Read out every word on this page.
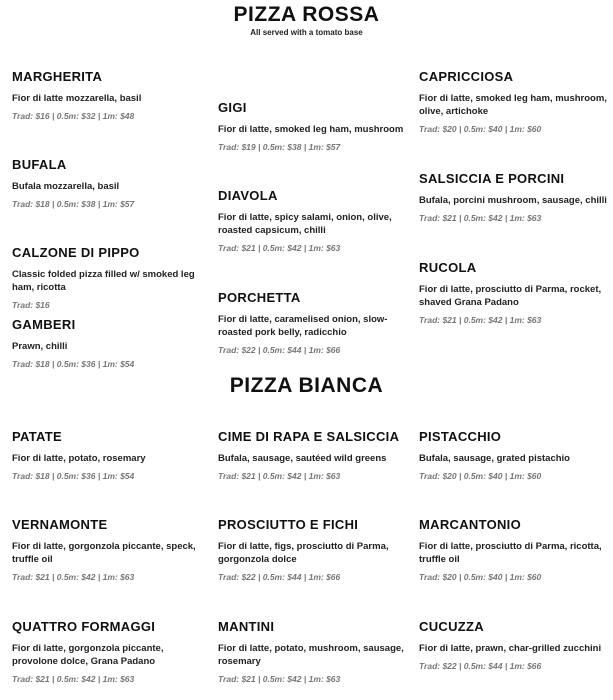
PIZZA ROSSA
All served with a tomato base
MARGHERITA
Fior di latte mozzarella, basil
Trad: $16 | 0.5m: $32 | 1m: $48
BUFALA
Bufala mozzarella, basil
Trad: $18 | 0.5m: $38 | 1m: $57
CALZONE DI PIPPO
Classic folded pizza filled w/ smoked leg ham, ricotta
Trad: $16
GAMBERI
Prawn, chilli
Trad: $18 | 0.5m: $36 | 1m: $54
GIGI
Fior di latte, smoked leg ham, mushroom
Trad: $19 | 0.5m: $38 | 1m: $57
DIAVOLA
Fior di latte, spicy salami, onion, olive, roasted capsicum, chilli
Trad: $21 | 0.5m: $42 | 1m: $63
PORCHETTA
Fior di latte, caramelised onion, slow-roasted pork belly, radicchio
Trad: $22 | 0.5m: $44 | 1m: $66
CAPRICCIOSA
Fior di latte, smoked leg ham, mushroom, olive, artichoke
Trad: $20 | 0.5m: $40 | 1m: $60
SALSICCIA E PORCINI
Bufala, porcini mushroom, sausage, chilli
Trad: $21 | 0.5m: $42 | 1m: $63
RUCOLA
Fior di latte, prosciutto di Parma, rocket, shaved Grana Padano
Trad: $21 | 0.5m: $42 | 1m: $63
PIZZA BIANCA
PATATE
Fior di latte, potato, rosemary
Trad: $18 | 0.5m: $36 | 1m: $54
VERNAMONTE
Fior di latte, gorgonzola piccante, speck, truffle oil
Trad: $21 | 0.5m: $42 | 1m: $63
QUATTRO FORMAGGI
Fior di latte, gorgonzola piccante, provolone dolce, Grana Padano
Trad: $21 | 0.5m: $42 | 1m: $63
CIME DI RAPA E SALSICCIA
Bufala, sausage, sautéed wild greens
Trad: $21 | 0.5m: $42 | 1m: $63
PROSCIUTTO E FICHI
Fior di latte, figs, prosciutto di Parma, gorgonzola dolce
Trad: $22 | 0.5m: $44 | 1m: $66
MANTINI
Fior di latte, potato, mushroom, sausage, rosemary
Trad: $21 | 0.5m: $42 | 1m: $63
PISTACCHIO
Bufala, sausage, grated pistachio
Trad: $20 | 0.5m: $40 | 1m: $60
MARCANTONIO
Fior di latte, prosciutto di Parma, ricotta, truffle oil
Trad: $20 | 0.5m: $40 | 1m: $60
CUCUZZA
Fior di latte, prawn, char-grilled zucchini
Trad: $22 | 0.5m: $44 | 1m: $66
